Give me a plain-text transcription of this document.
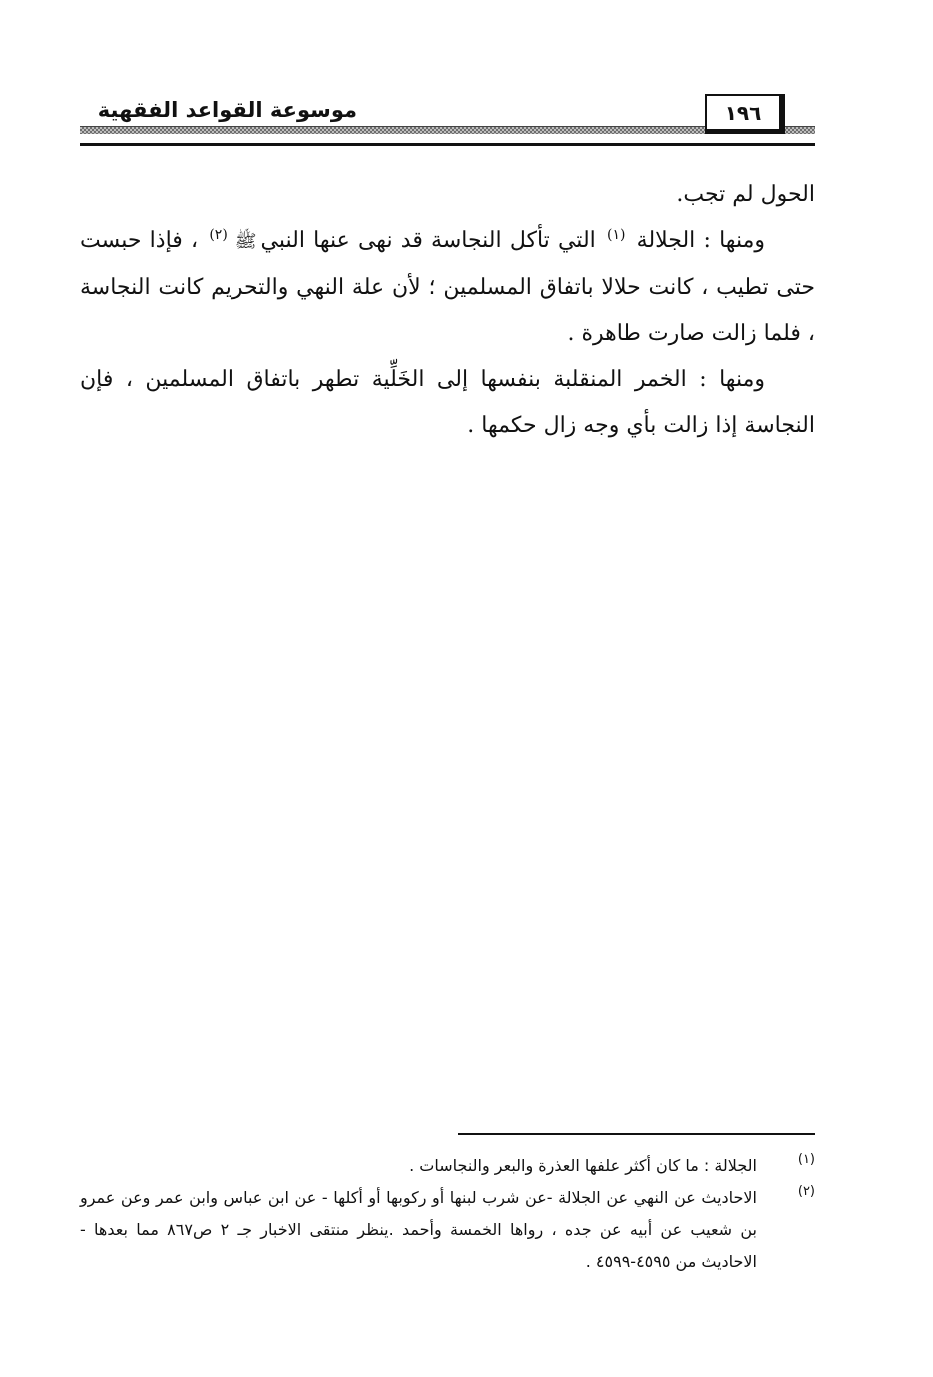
موسوعة القواعد الفقهية	١٩٦

الحول لم تجب.

ومنها : الجلالة $^{(١)}$ التي تأكل النجاسة قد نهى عنها النبيﷺ$^{(٢)}$ ، فإذا حبست حتى تطيب ، كانت حلالا باتفاق المسلمين ؛ لأن علة النهي والتحريم كانت النجاسة ، فلما زالت صارت طاهرة .

ومنها : الخمر المنقلبة بنفسها إلى الخَلِّية تطهر باتفاق المسلمين ، فإن النجاسة إذا زالت بأي وجه زال حكمها .

(١)
الجلالة : ما كان أكثر علفها العذرة والبعر والنجاسات .
(٢)
الاحاديث عن النهي عن الجلالة -عن شرب لبنها أو ركوبها أو أكلها - عن ابن عباس وابن عمر وعن عمرو بن شعيب عن أبيه عن جده ، رواها الخمسة وأحمد .ينظر منتقى الاخبار جـ ٢ ص٨٦٧ مما بعدها - الاحاديث من ٤٥٩٥-٤٥٩٩ .
